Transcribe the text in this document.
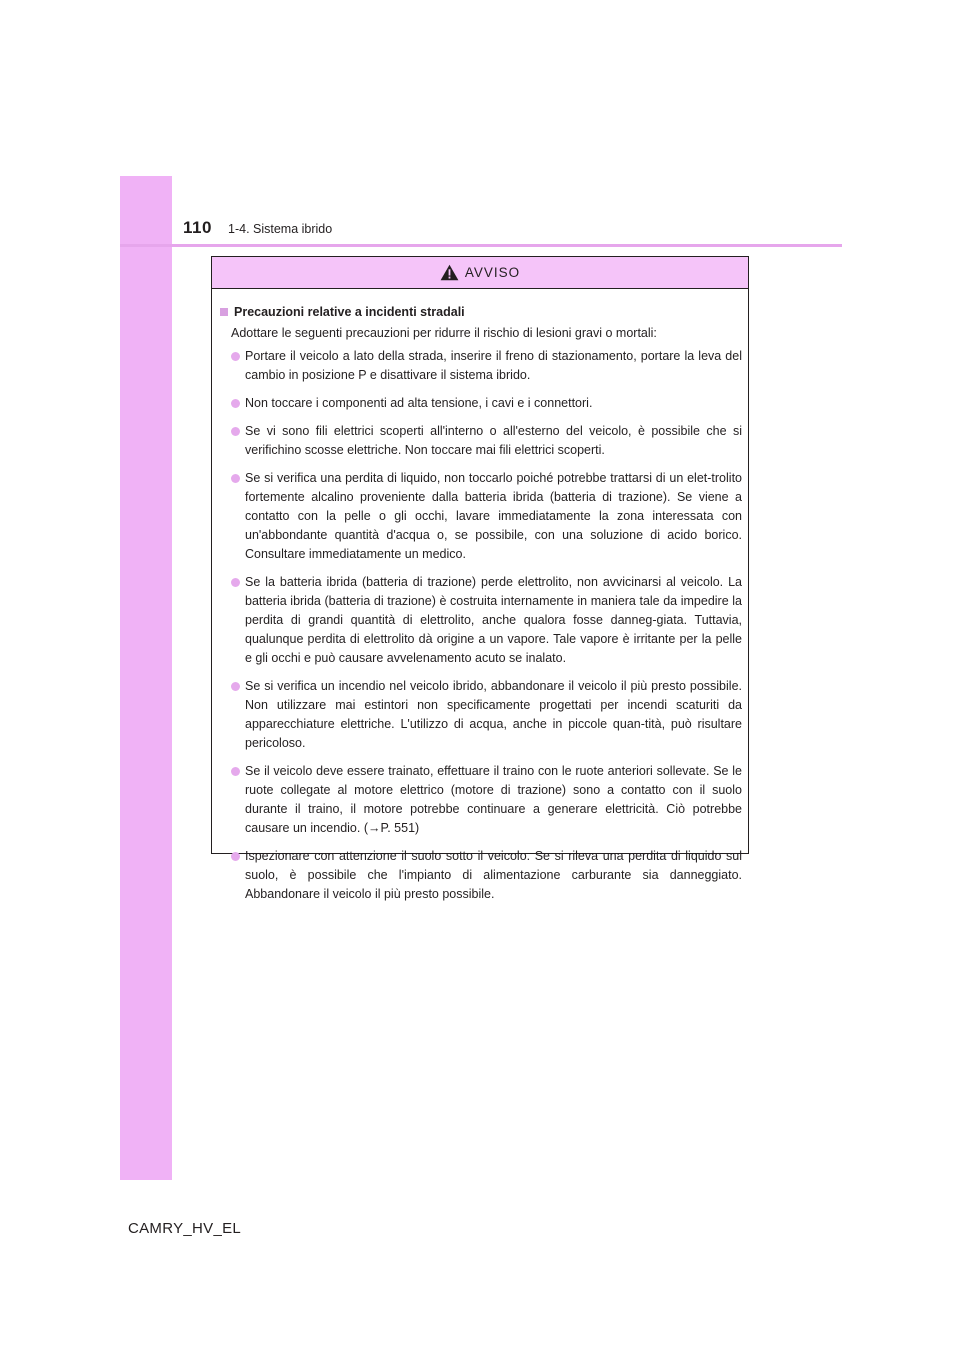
110 1-4. Sistema ibrido
AVVISO
Precauzioni relative a incidenti stradali
Adottare le seguenti precauzioni per ridurre il rischio di lesioni gravi o mortali:
Portare il veicolo a lato della strada, inserire il freno di stazionamento, portare la leva del cambio in posizione P e disattivare il sistema ibrido.
Non toccare i componenti ad alta tensione, i cavi e i connettori.
Se vi sono fili elettrici scoperti all'interno o all'esterno del veicolo, è possibile che si verifichino scosse elettriche. Non toccare mai fili elettrici scoperti.
Se si verifica una perdita di liquido, non toccarlo poiché potrebbe trattarsi di un elet-trolito fortemente alcalino proveniente dalla batteria ibrida (batteria di trazione). Se viene a contatto con la pelle o gli occhi, lavare immediatamente la zona interessata con un'abbondante quantità d'acqua o, se possibile, con una soluzione di acido borico. Consultare immediatamente un medico.
Se la batteria ibrida (batteria di trazione) perde elettrolito, non avvicinarsi al veicolo. La batteria ibrida (batteria di trazione) è costruita internamente in maniera tale da impedire la perdita di grandi quantità di elettrolito, anche qualora fosse danneg-giata. Tuttavia, qualunque perdita di elettrolito dà origine a un vapore. Tale vapore è irritante per la pelle e gli occhi e può causare avvelenamento acuto se inalato.
Se si verifica un incendio nel veicolo ibrido, abbandonare il veicolo il più presto possibile. Non utilizzare mai estintori non specificamente progettati per incendi scaturiti da apparecchiature elettriche. L'utilizzo di acqua, anche in piccole quan-tità, può risultare pericoloso.
Se il veicolo deve essere trainato, effettuare il traino con le ruote anteriori sollevate. Se le ruote collegate al motore elettrico (motore di trazione) sono a contatto con il suolo durante il traino, il motore potrebbe continuare a generare elettricità. Ciò potrebbe causare un incendio. (→P. 551)
Ispezionare con attenzione il suolo sotto il veicolo. Se si rileva una perdita di liquido sul suolo, è possibile che l'impianto di alimentazione carburante sia danneggiato. Abbandonare il veicolo il più presto possibile.
CAMRY_HV_EL
